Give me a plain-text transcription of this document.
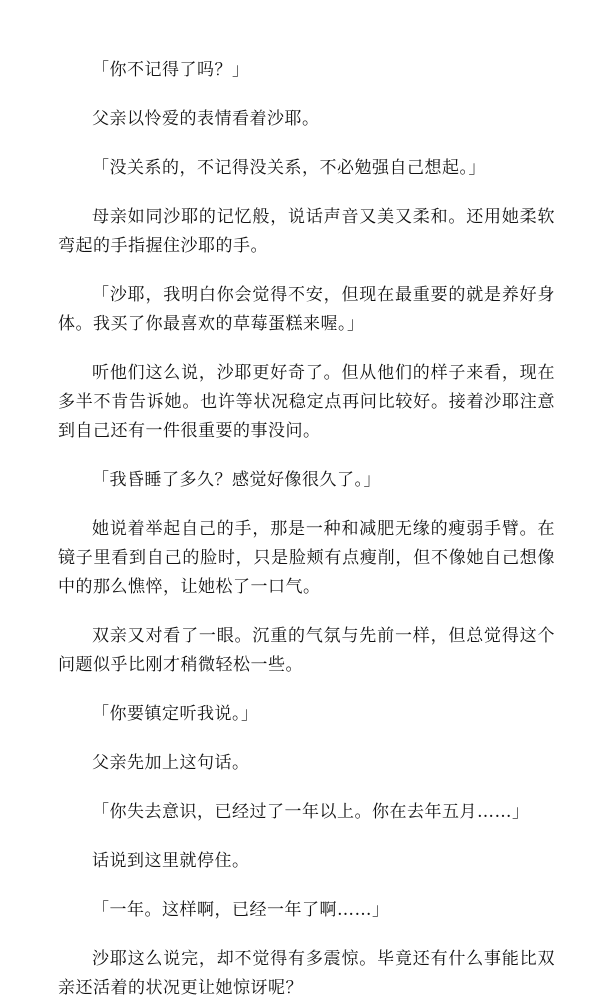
「你不记得了吗？」

父亲以怜爱的表情看着沙耶。

「没关系的，不记得没关系，不必勉强自己想起。」

母亲如同沙耶的记忆般，说话声音又美又柔和。还用她柔软弯起的手指握住沙耶的手。

「沙耶，我明白你会觉得不安，但现在最重要的就是养好身体。我买了你最喜欢的草莓蛋糕来喔。」

听他们这么说，沙耶更好奇了。但从他们的样子来看，现在多半不肯告诉她。也许等状况稳定点再问比较好。接着沙耶注意到自己还有一件很重要的事没问。

「我昏睡了多久？感觉好像很久了。」

她说着举起自己的手，那是一种和减肥无缘的瘦弱手臂。在镜子里看到自己的脸时，只是脸颊有点瘦削，但不像她自己想像中的那么憔悴，让她松了一口气。

双亲又对看了一眼。沉重的气氛与先前一样，但总觉得这个问题似乎比刚才稍微轻松一些。

「你要镇定听我说。」

父亲先加上这句话。

「你失去意识，已经过了一年以上。你在去年五月……」

话说到这里就停住。

「一年。这样啊，已经一年了啊……」

沙耶这么说完，却不觉得有多震惊。毕竟还有什么事能比双亲还活着的状况更让她惊讶呢？
